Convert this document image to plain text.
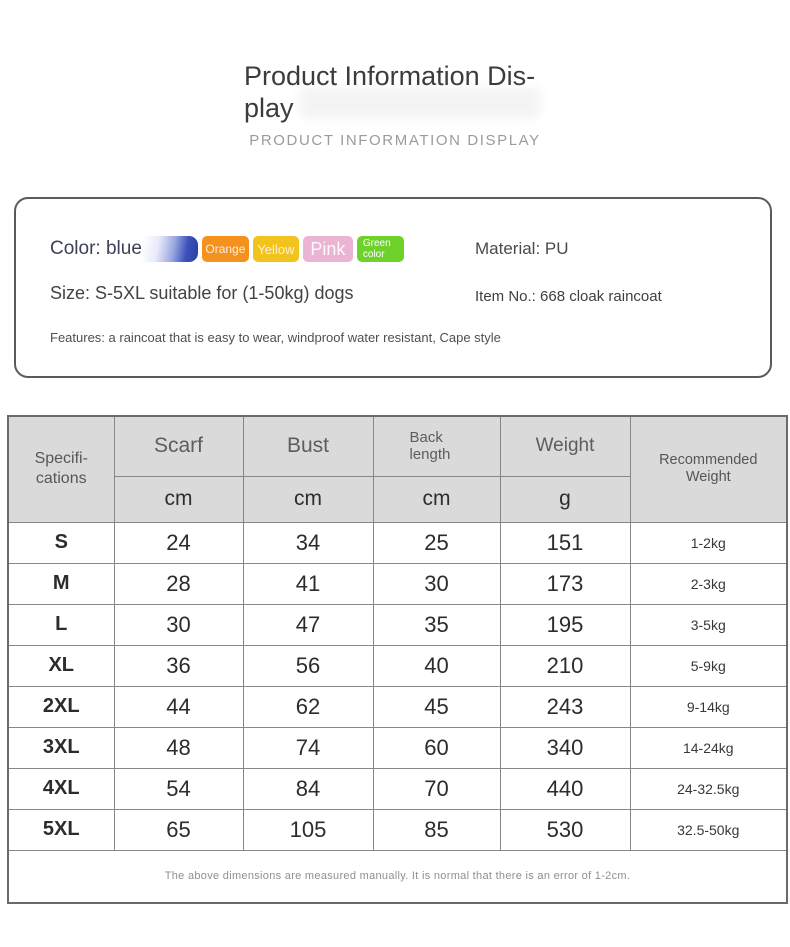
Product Information Dis-
play
PRODUCT INFORMATION DISPLAY
Color: blue	Orange Yellow Pink	Green color	Material: PU
Size: S-5XL suitable for (1-50kg) dogs	Item No.: 668 cloak raincoat
Features: a raincoat that is easy to wear, windproof water resistant, Cape style
Specifi-
cations	Scarf	Bust	Back length	Weight	Recommended Weight
	cm	cm	cm	g	
S	24	34	25	151	1-2kg
M	28	41	30	173	2-3kg
L	30	47	35	195	3-5kg
XL	36	56	40	210	5-9kg
2XL	44	62	45	243	9-14kg
3XL	48	74	60	340	14-24kg
4XL	54	84	70	440	24-32.5kg
5XL	65	105	85	530	32.5-50kg
The above dimensions are measured manually. It is normal that there is an error of 1-2cm.					
